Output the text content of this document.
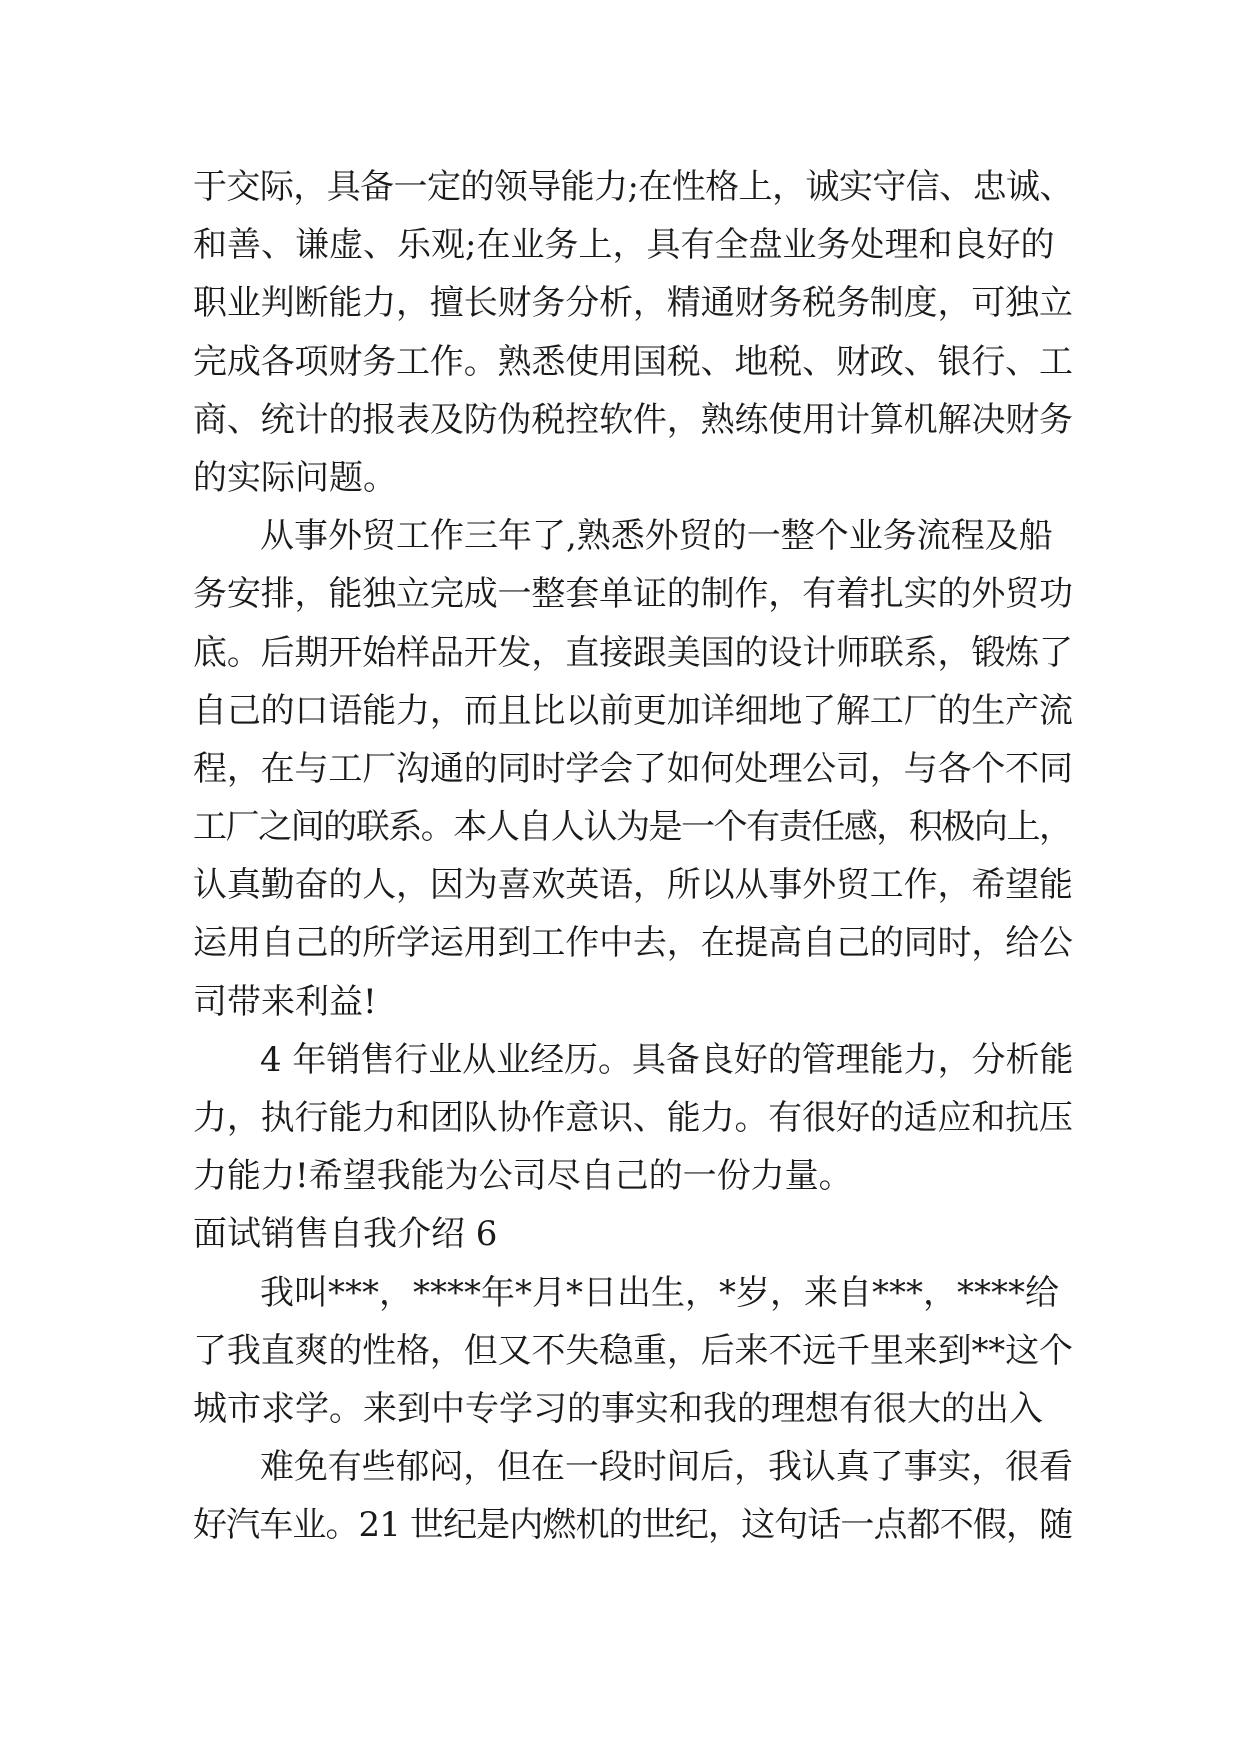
于交际，具备一定的领导能力;在性格上，诚实守信、忠诚、
和善、谦虚、乐观;在业务上，具有全盘业务处理和良好的
职业判断能力，擅长财务分析，精通财务税务制度，可独立
完成各项财务工作。熟悉使用国税、地税、财政、银行、工
商、统计的报表及防伪税控软件，熟练使用计算机解决财务
的实际问题。
从事外贸工作三年了,熟悉外贸的一整个业务流程及船
务安排，能独立完成一整套单证的制作，有着扎实的外贸功
底。后期开始样品开发，直接跟美国的设计师联系，锻炼了
自己的口语能力，而且比以前更加详细地了解工厂的生产流
程，在与工厂沟通的同时学会了如何处理公司，与各个不同
工厂之间的联系。本人自人认为是一个有责任感，积极向上，
认真勤奋的人，因为喜欢英语，所以从事外贸工作，希望能
运用自己的所学运用到工作中去，在提高自己的同时，给公
司带来利益!
4 年销售行业从业经历。具备良好的管理能力，分析能
力，执行能力和团队协作意识、能力。有很好的适应和抗压
力能力!希望我能为公司尽自己的一份力量。
面试销售自我介绍 6
我叫***，****年*月*日出生，*岁，来自***，****给
了我直爽的性格，但又不失稳重，后来不远千里来到**这个
城市求学。来到中专学习的事实和我的理想有很大的出入
难免有些郁闷，但在一段时间后，我认真了事实，很看
好汽车业。21 世纪是内燃机的世纪，这句话一点都不假，随
